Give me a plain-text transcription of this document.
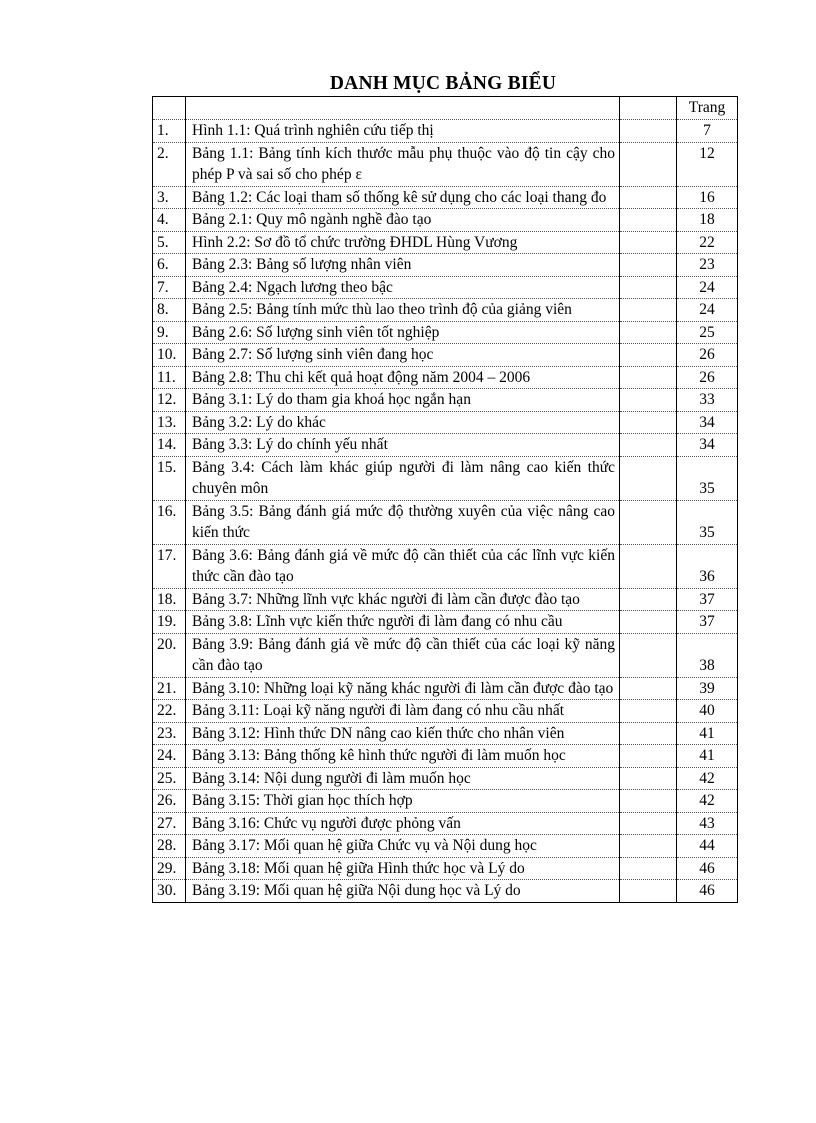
DANH MỤC BẢNG BIỂU
			Trang
1.	Hình 1.1: Quá trình nghiên cứu tiếp thị		7
2.	Bảng 1.1: Bảng tính kích thước mẫu phụ thuộc vào độ tin cậy cho phép P và sai số cho phép ε		12
3.	Bảng 1.2: Các loại tham số thống kê sử dụng cho các loại thang đo		16
4.	Bảng 2.1: Quy mô ngành nghề đào tạo		18
5.	Hình 2.2: Sơ đồ tổ chức trường ĐHDL Hùng Vương		22
6.	Bảng 2.3: Bảng số lượng nhân viên		23
7.	Bảng 2.4: Ngạch lương theo bậc		24
8.	Bảng 2.5: Bảng tính mức thù lao theo trình độ của giảng viên		24
9.	Bảng 2.6: Số lượng sinh viên tốt nghiệp		25
10.	Bảng 2.7: Số lượng sinh viên đang học		26
11.	Bảng 2.8: Thu chi kết quả hoạt động năm 2004 – 2006		26
12.	Bảng 3.1: Lý do tham gia khoá học ngắn hạn		33
13.	Bảng 3.2: Lý do khác		34
14.	Bảng 3.3: Lý do chính yếu nhất		34
15.	Bảng 3.4: Cách làm khác giúp người đi làm nâng cao kiến thức chuyên môn		35
16.	Bảng 3.5: Bảng đánh giá mức độ thường xuyên của việc nâng cao kiến thức		35
17.	Bảng 3.6: Bảng đánh giá về mức độ cần thiết của các lĩnh vực kiến thức cần đào tạo		36
18.	Bảng 3.7: Những lĩnh vực khác người đi làm cần được đào tạo		37
19.	Bảng 3.8: Lĩnh vực kiến thức người đi làm đang có nhu cầu		37
20.	Bảng 3.9: Bảng đánh giá về mức độ cần thiết của các loại kỹ năng cần đào tạo		38
21.	Bảng 3.10: Những loại kỹ năng khác người đi làm cần được đào tạo		39
22.	Bảng 3.11: Loại kỹ năng người đi làm đang có nhu cầu nhất		40
23.	Bảng 3.12: Hình thức DN nâng cao kiến thức cho nhân viên		41
24.	Bảng 3.13: Bảng thống kê hình thức người đi làm muốn học		41
25.	Bảng 3.14: Nội dung người đi làm muốn học		42
26.	Bảng 3.15: Thời gian học thích hợp		42
27.	Bảng 3.16: Chức vụ người được phỏng vấn		43
28.	Bảng 3.17: Mối quan hệ giữa Chức vụ và Nội dung học		44
29.	Bảng 3.18: Mối quan hệ giữa Hình thức học và Lý do		46
30.	Bảng 3.19: Mối quan hệ giữa Nội dung học và Lý do		46
